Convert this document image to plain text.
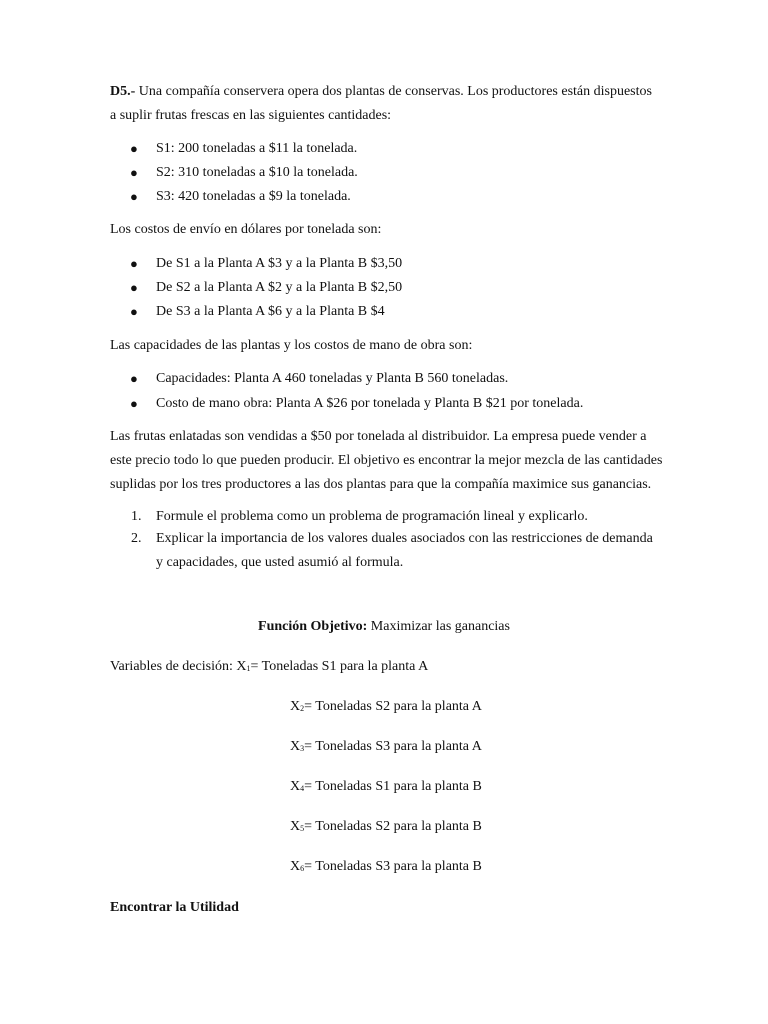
D5.- Una compañía conservera opera dos plantas de conservas. Los productores están dispuestos
a suplir frutas frescas en las siguientes cantidades:
● S1: 200 toneladas a $11 la tonelada.
● S2: 310 toneladas a $10 la tonelada.
● S3: 420 toneladas a $9 la tonelada.
Los costos de envío en dólares por tonelada son:
● De S1 a la Planta A $3 y a la Planta B $3,50
● De S2 a la Planta A $2 y a la Planta B $2,50
● De S3 a la Planta A $6 y a la Planta B $4
Las capacidades de las plantas y los costos de mano de obra son:
● Capacidades: Planta A 460 toneladas y Planta B 560 toneladas.
● Costo de mano obra: Planta A $26 por tonelada y Planta B $21 por tonelada.
Las frutas enlatadas son vendidas a $50 por tonelada al distribuidor. La empresa puede vender a
este precio todo lo que pueden producir. El objetivo es encontrar la mejor mezcla de las cantidades
suplidas por los tres productores a las dos plantas para que la compañía maximice sus ganancias.
1. Formule el problema como un problema de programación lineal y explicarlo.
2. Explicar la importancia de los valores duales asociados con las restricciones de demanda y capacidades, que usted asumió al formula.
Función Objetivo: Maximizar las ganancias
Variables de decisión: $X_1=$ Toneladas S1 para la planta A
$X_2=$ Toneladas S2 para la planta A
$X_3=$ Toneladas S3 para la planta A
$X_4=$ Toneladas S1 para la planta B
$X_5=$ Toneladas S2 para la planta B
$X_6=$ Toneladas S3 para la planta B
Encontrar la Utilidad
